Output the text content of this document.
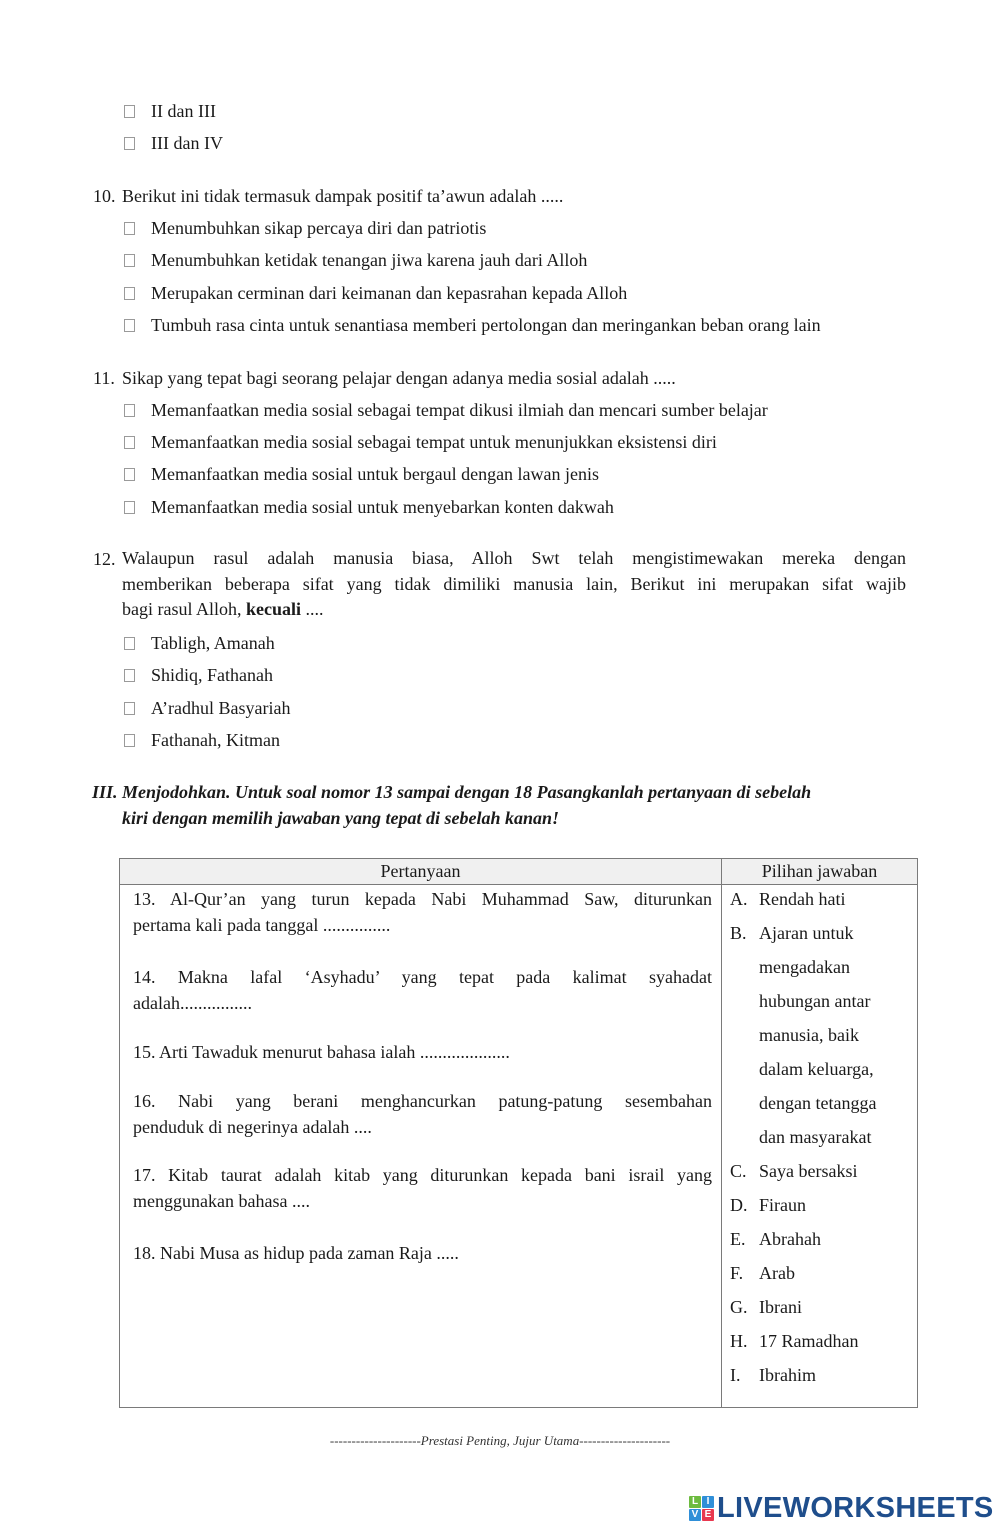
II dan III
III dan IV
10. Berikut ini tidak termasuk dampak positif ta’awun adalah .....
Menumbuhkan sikap percaya diri dan patriotis
Menumbuhkan ketidak tenangan jiwa karena jauh dari Alloh
Merupakan cerminan dari keimanan dan kepasrahan kepada Alloh
Tumbuh rasa cinta untuk senantiasa memberi pertolongan dan meringankan beban orang lain
11. Sikap yang tepat bagi seorang pelajar dengan adanya media sosial adalah .....
Memanfaatkan media sosial sebagai tempat dikusi ilmiah dan mencari sumber belajar
Memanfaatkan media sosial sebagai tempat untuk menunjukkan eksistensi diri
Memanfaatkan media sosial untuk bergaul dengan lawan jenis
Memanfaatkan media sosial untuk menyebarkan konten dakwah
12. Walaupun rasul adalah manusia biasa, Alloh Swt telah mengistimewakan mereka dengan
memberikan beberapa sifat yang tidak dimiliki manusia lain, Berikut ini merupakan sifat wajib
bagi rasul Alloh, kecuali ....
Tabligh, Amanah
Shidiq, Fathanah
A’radhul Basyariah
Fathanah, Kitman
III. Menjodohkan. Untuk soal nomor 13 sampai dengan 18 Pasangkanlah pertanyaan di sebelah
kiri dengan memilih jawaban yang tepat di sebelah kanan!
Pertanyaan	Pilihan jawaban
13. Al-Qur’an yang turun kepada Nabi Muhammad Saw, diturunkan
pertama kali pada tanggal ...............
14. Makna lafal ‘Asyhadu’ yang tepat pada kalimat syahadat
adalah................
15. Arti Tawaduk menurut bahasa ialah ....................
16. Nabi yang berani menghancurkan patung-patung sesembahan
penduduk di negerinya adalah ....
17. Kitab taurat adalah kitab yang diturunkan kepada bani israil yang
menggunakan bahasa ....
18. Nabi Musa as hidup pada zaman Raja .....
A. Rendah hati
B. Ajaran untuk
mengadakan
hubungan antar
manusia, baik
dalam keluarga,
dengan tetangga
dan masyarakat
C. Saya bersaksi
D. Firaun
E. Abrahah
F. Arab
G. Ibrani
H. 17 Ramadhan
I. Ibrahim
---------------------Prestasi Penting, Jujur Utama---------------------
L I
V E LIVEWORKSHEETS
